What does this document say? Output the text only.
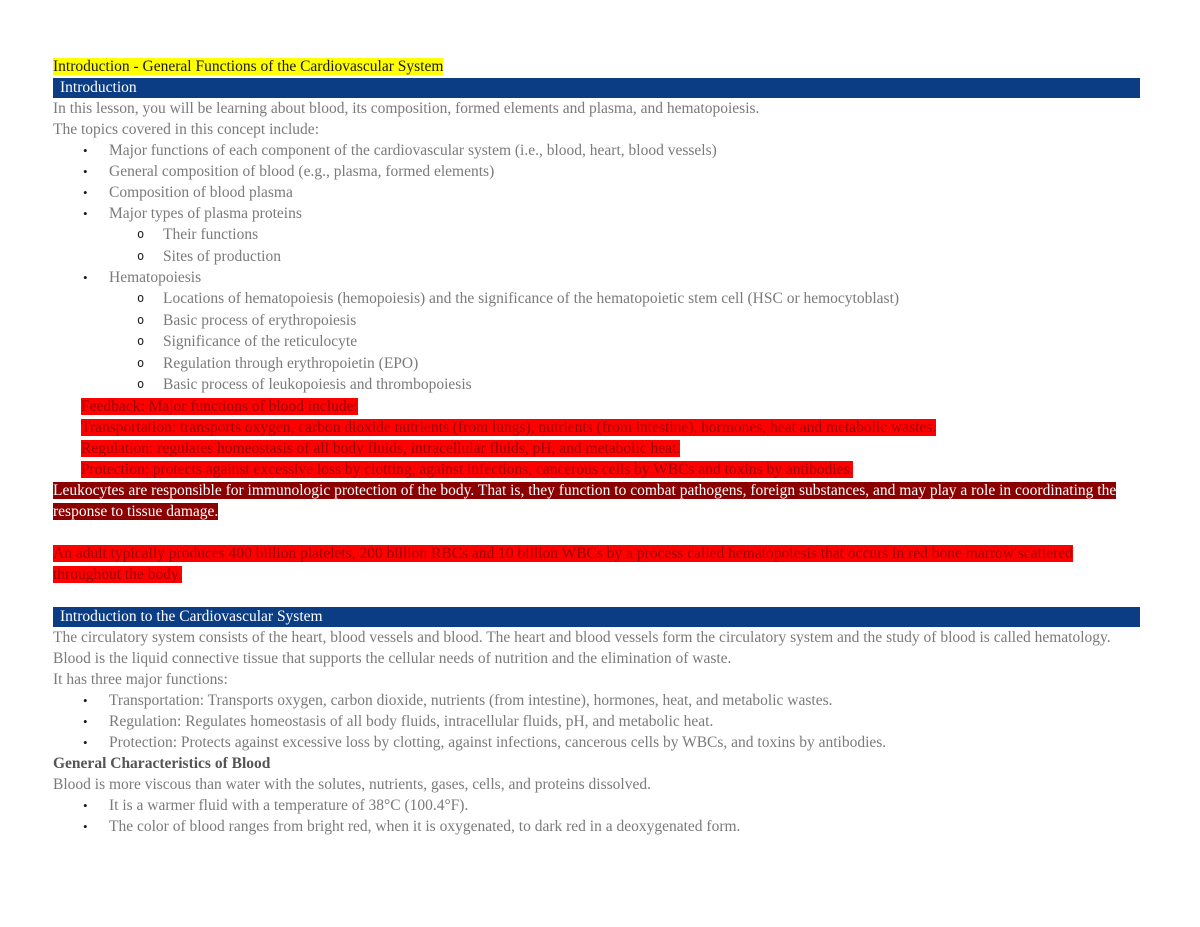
Introduction - General Functions of the Cardiovascular System
Introduction
In this lesson, you will be learning about blood, its composition, formed elements and plasma, and hematopoiesis.
The topics covered in this concept include:
• Major functions of each component of the cardiovascular system (i.e., blood, heart, blood vessels)
• General composition of blood (e.g., plasma, formed elements)
• Composition of blood plasma
• Major types of plasma proteins
o Their functions
o Sites of production
• Hematopoiesis
o Locations of hematopoiesis (hemopoiesis) and the significance of the hematopoietic stem cell (HSC or hemocytoblast)
o Basic process of erythropoiesis
o Significance of the reticulocyte
o Regulation through erythropoietin (EPO)
o Basic process of leukopoiesis and thrombopoiesis
Feedback: Major functions of blood include:
Transportation: transports oxygen, carbon dioxide nutrients (from lungs), nutrients (from intestine), hormones, heat and metabolic wastes.
Regulation: regulates homeostasis of all body fluids, intracellular fluids, pH, and metabolic heat.
Protection: protects against excessive loss by clotting, against infections, cancerous cells by WBCs and toxins by antibodies.
Leukocytes are responsible for immunologic protection of the body. That is, they function to combat pathogens, foreign substances, and may play a role in coordinating the response to tissue damage.
An adult typically produces 400 billion platelets, 200 billion RBCs and 10 billion WBCs by a process called hematopoiesis that occurs in red bone marrow scattered throughout the body.
Introduction to the Cardiovascular System
The circulatory system consists of the heart, blood vessels and blood. The heart and blood vessels form the circulatory system and the study of blood is called hematology.
Blood is the liquid connective tissue that supports the cellular needs of nutrition and the elimination of waste.
It has three major functions:
• Transportation: Transports oxygen, carbon dioxide, nutrients (from intestine), hormones, heat, and metabolic wastes.
• Regulation: Regulates homeostasis of all body fluids, intracellular fluids, pH, and metabolic heat.
• Protection: Protects against excessive loss by clotting, against infections, cancerous cells by WBCs, and toxins by antibodies.
General Characteristics of Blood
Blood is more viscous than water with the solutes, nutrients, gases, cells, and proteins dissolved.
• It is a warmer fluid with a temperature of 38°C (100.4°F).
• The color of blood ranges from bright red, when it is oxygenated, to dark red in a deoxygenated form.
